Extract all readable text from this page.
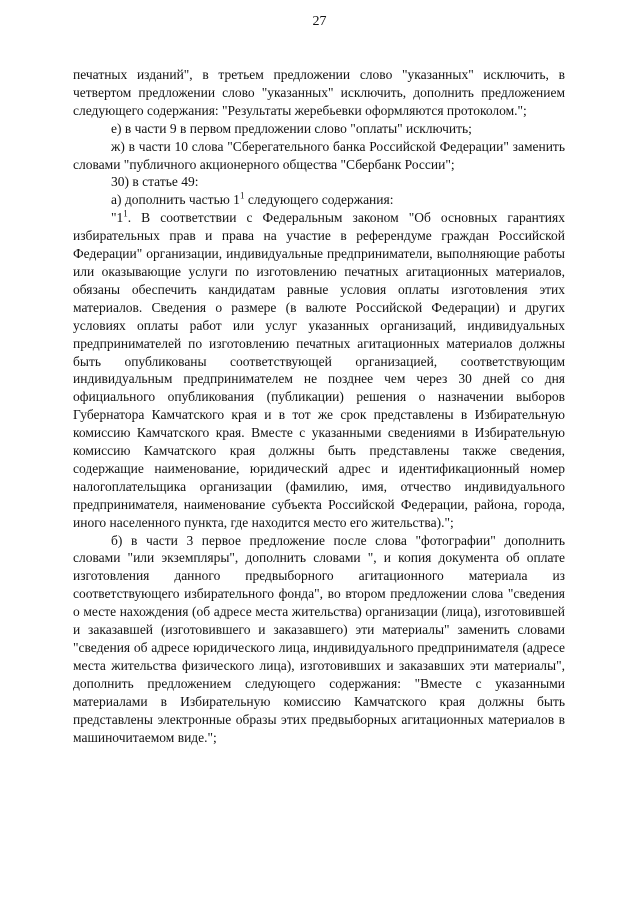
27

печатных изданий", в третьем предложении слово "указанных" исключить, в четвертом предложении слово "указанных" исключить, дополнить предложением следующего содержания: "Результаты жеребьевки оформляются протоколом.";

е) в части 9 в первом предложении слово "оплаты" исключить;

ж) в части 10 слова "Сберегательного банка Российской Федерации" заменить словами "публичного акционерного общества "Сбербанк России";

30) в статье 49:

а) дополнить частью $1^1$ следующего содержания:

"$1^1$. В соответствии с Федеральным законом "Об основных гарантиях избирательных прав и права на участие в референдуме граждан Российской Федерации" организации, индивидуальные предприниматели, выполняющие работы или оказывающие услуги по изготовлению печатных агитационных материалов, обязаны обеспечить кандидатам равные условия оплаты изготовления этих материалов. Сведения о размере (в валюте Российской Федерации) и других условиях оплаты работ или услуг указанных организаций, индивидуальных предпринимателей по изготовлению печатных агитационных материалов должны быть опубликованы соответствующей организацией, соответствующим индивидуальным предпринимателем не позднее чем через 30 дней со дня официального опубликования (публикации) решения о назначении выборов Губернатора Камчатского края и в тот же срок представлены в Избирательную комиссию Камчатского края. Вместе с указанными сведениями в Избирательную комиссию Камчатского края должны быть представлены также сведения, содержащие наименование, юридический адрес и идентификационный номер налогоплательщика организации (фамилию, имя, отчество индивидуального предпринимателя, наименование субъекта Российской Федерации, района, города, иного населенного пункта, где находится место его жительства).";

б) в части 3 первое предложение после слова "фотографии" дополнить словами "или экземпляры", дополнить словами ", и копия документа об оплате изготовления данного предвыборного агитационного материала из соответствующего избирательного фонда", во втором предложении слова "сведения о месте нахождения (об адресе места жительства) организации (лица), изготовившей и заказавшей (изготовившего и заказавшего) эти материалы" заменить словами "сведения об адресе юридического лица, индивидуального предпринимателя (адресе места жительства физического лица), изготовивших и заказавших эти материалы", дополнить предложением следующего содержания: "Вместе с указанными материалами в Избирательную комиссию Камчатского края должны быть представлены электронные образы этих предвыборных агитационных материалов в машиночитаемом виде.";
